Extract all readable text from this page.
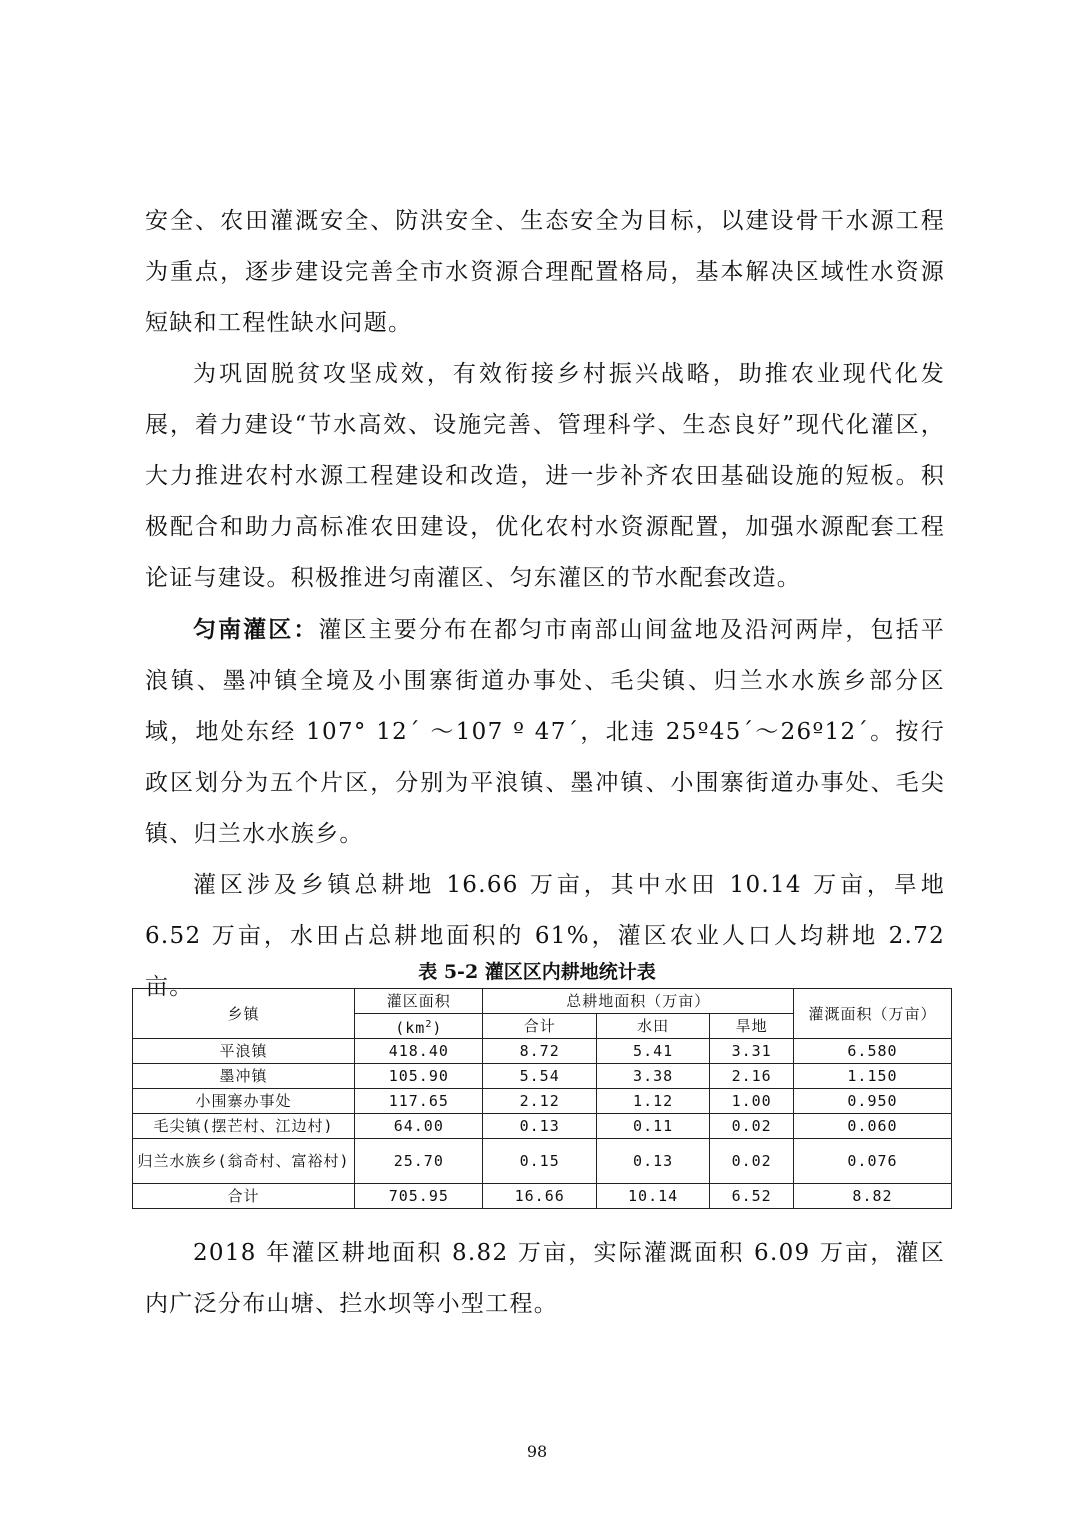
安全、农田灌溉安全、防洪安全、生态安全为目标，以建设骨干水源工程为重点，逐步建设完善全市水资源合理配置格局，基本解决区域性水资源短缺和工程性缺水问题。

为巩固脱贫攻坚成效，有效衔接乡村振兴战略，助推农业现代化发展，着力建设“节水高效、设施完善、管理科学、生态良好”现代化灌区，大力推进农村水源工程建设和改造，进一步补齐农田基础设施的短板。积极配合和助力高标准农田建设，优化农村水资源配置，加强水源配套工程论证与建设。积极推进匀南灌区、匀东灌区的节水配套改造。

匀南灌区：灌区主要分布在都匀市南部山间盆地及沿河两岸，包括平浪镇、墨冲镇全境及小围寨街道办事处、毛尖镇、归兰水水族乡部分区域，地处东经 107° 12´ ～107 º 47´，北违 25º45´～26º12´。按行政区划分为五个片区，分别为平浪镇、墨冲镇、小围寨街道办事处、毛尖镇、归兰水水族乡。

灌区涉及乡镇总耕地 16.66 万亩，其中水田 10.14 万亩，旱地 6.52 万亩，水田占总耕地面积的 61%，灌区农业人口人均耕地 2.72 亩。

表 5-2 灌区区内耕地统计表
乡镇	灌区面积	总耕地面积（万亩）			灌溉面积（万亩）
	$(km^2)$	合计	水田	旱地	
平浪镇	418.40	8.72	5.41	3.31	6.580
墨冲镇	105.90	5.54	3.38	2.16	1.150
小围寨办事处	117.65	2.12	1.12	1.00	0.950
毛尖镇(摆芒村、江边村)	64.00	0.13	0.11	0.02	0.060
归兰水族乡(翁奇村、富裕村)	25.70	0.15	0.13	0.02	0.076
合计	705.95	16.66	10.14	6.52	8.82

2018 年灌区耕地面积 8.82 万亩，实际灌溉面积 6.09 万亩，灌区内广泛分布山塘、拦水坝等小型工程。

98
